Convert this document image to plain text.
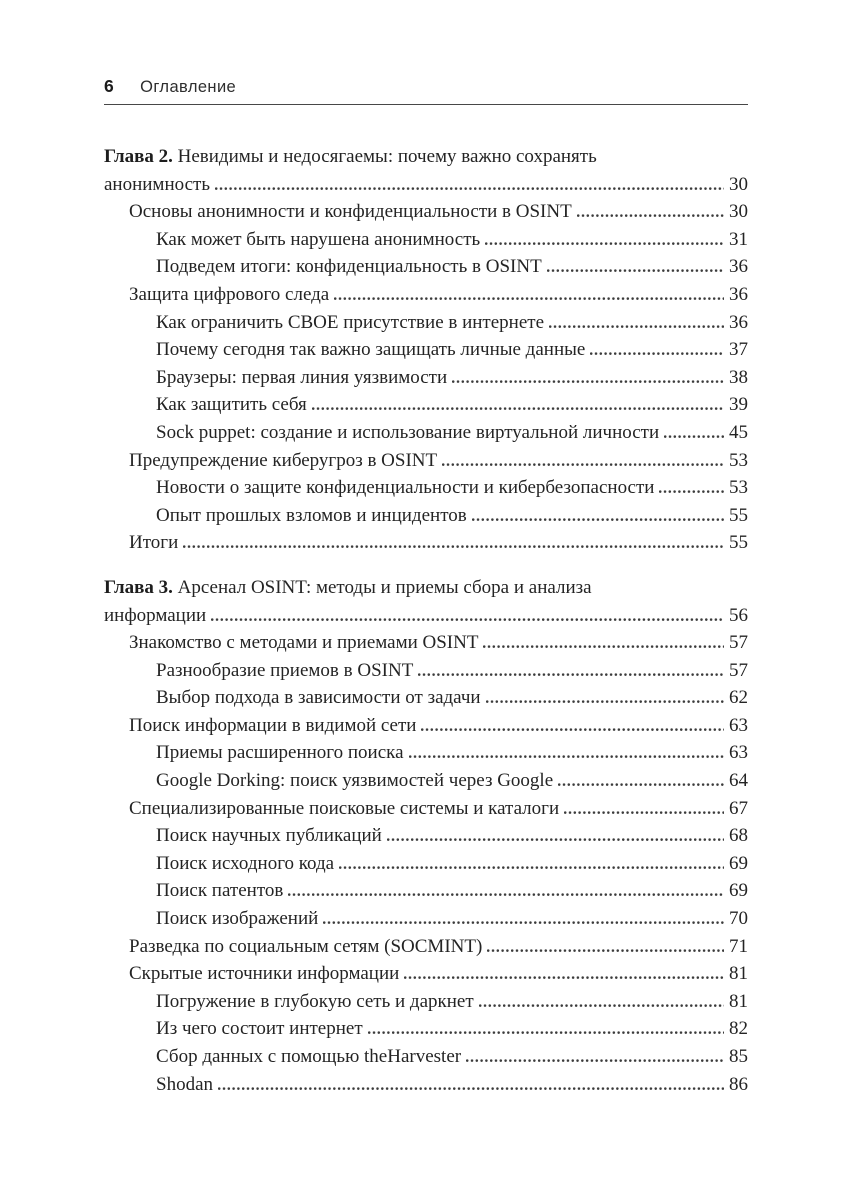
6 Оглавление
Глава 2. Невидимы и недосягаемы: почему важно сохранять
анонимность	30
Основы анонимности и конфиденциальности в OSINT	30
Как может быть нарушена анонимность	31
Подведем итоги: конфиденциальность в OSINT	36
Защита цифрового следа	36
Как ограничить СВОЕ присутствие в интернете	36
Почему сегодня так важно защищать личные данные	37
Браузеры: первая линия уязвимости	38
Как защитить себя	39
Sock puppet: создание и использование виртуальной личности	45
Предупреждение киберугроз в OSINT	53
Новости о защите конфиденциальности и кибербезопасности	53
Опыт прошлых взломов и инцидентов	55
Итоги	55
Глава 3. Арсенал OSINT: методы и приемы сбора и анализа
информации	56
Знакомство с методами и приемами OSINT	57
Разнообразие приемов в OSINT	57
Выбор подхода в зависимости от задачи	62
Поиск информации в видимой сети	63
Приемы расширенного поиска	63
Google Dorking: поиск уязвимостей через Google	64
Специализированные поисковые системы и каталоги	67
Поиск научных публикаций	68
Поиск исходного кода	69
Поиск патентов	69
Поиск изображений	70
Разведка по социальным сетям (SOCMINT)	71
Скрытые источники информации	81
Погружение в глубокую сеть и даркнет	81
Из чего состоит интернет	82
Сбор данных с помощью theHarvester	85
Shodan	86
